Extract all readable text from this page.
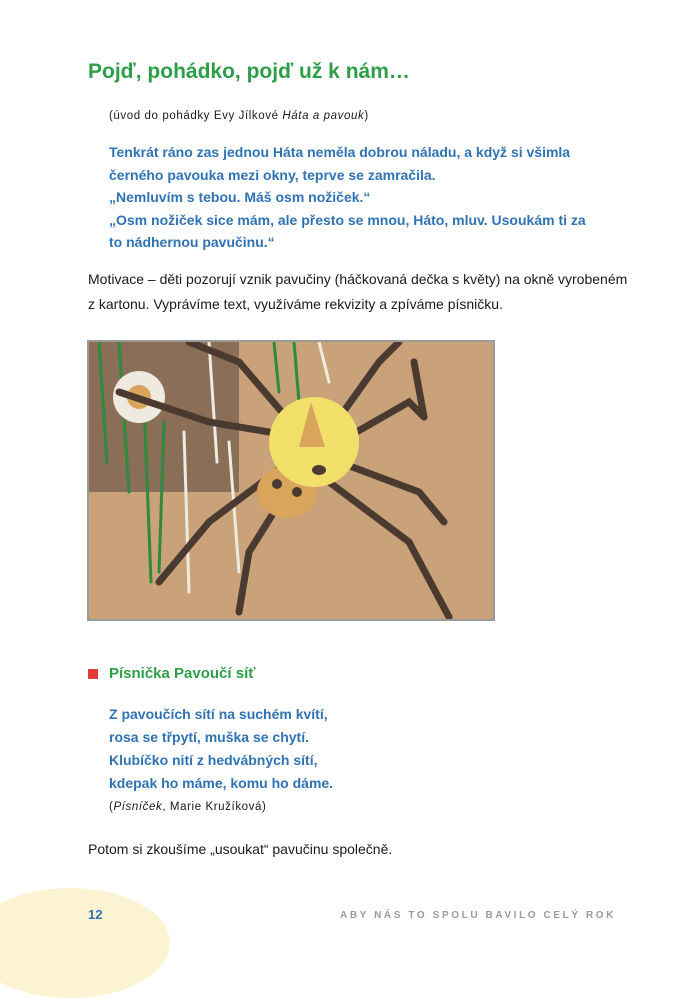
Pojď, pohádko, pojď už k nám…
(úvod do pohádky Evy Jílkové Háta a pavouk)
Tenkrát ráno zas jednou Háta neměla dobrou náladu, a když si všimla
černého pavouka mezi okny, teprve se zamračila.
„Nemluvím s tebou. Máš osm nožiček.“
„Osm nožiček sice mám, ale přesto se mnou, Háto, mluv. Usoukám ti za
to nádhernou pavučinu.“

Motivace – děti pozorují vznik pavučiny (háčkovaná dečka s květy) na okně vyrobeném z kartonu. Vyprávíme text, využíváme rekvizity a zpíváme písničku.

Písnička Pavoučí síť
Z pavoučích sítí na suchém kvítí,
rosa se třpytí, muška se chytí.
Klubíčko nití z hedvábných sítí,
kdepak ho máme, komu ho dáme.
(Písníček, Marie Kružíková)
Potom si zkoušíme „usoukat“ pavučinu společně.
12	ABY NÁS TO SPOLU BAVILO CELÝ ROK
